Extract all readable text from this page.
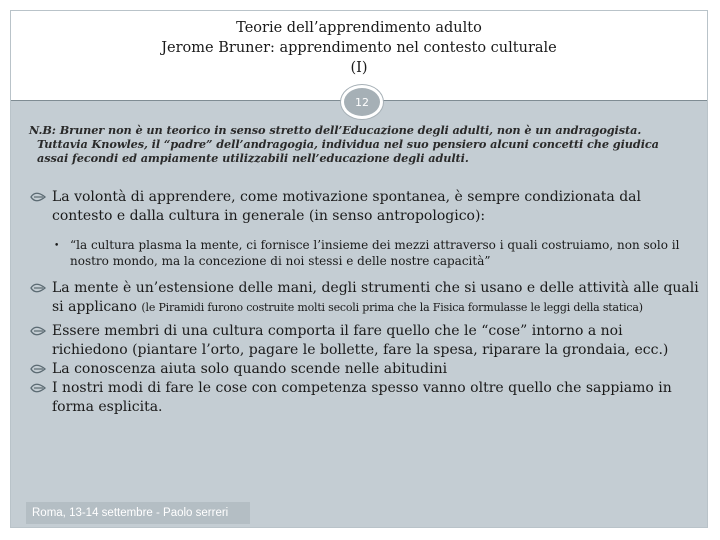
Teorie dell’apprendimento adulto
Jerome Bruner: apprendimento nel contesto culturale
(I)
12
N.B: Bruner non è un teorico in senso stretto dell’Educazione degli adulti, non è un andragogista.
Tuttavia Knowles, il “padre” dell’andragogia, individua nel suo pensiero alcuni concetti che giudica
assai fecondi ed ampiamente utilizzabili nell’educazione degli adulti.
La volontà di apprendere, come motivazione spontanea, è sempre condizionata dal
contesto e dalla cultura in generale (in senso antropologico):
• “la cultura plasma la mente, ci fornisce l’insieme dei mezzi attraverso i quali costruiamo, non solo il
nostro mondo, ma la concezione di noi stessi e delle nostre capacità”
La mente è un’estensione delle mani, degli strumenti che si usano e delle attività alle quali
si applicano (le Piramidi furono costruite molti secoli prima che la Fisica formulasse le leggi della statica)
Essere membri di una cultura comporta il fare quello che le “cose” intorno a noi
richiedono (piantare l’orto, pagare le bollette, fare la spesa, riparare la grondaia, ecc.)
La conoscenza aiuta solo quando scende nelle abitudini
I nostri modi di fare le cose con competenza spesso vanno oltre quello che sappiamo in
forma esplicita.
Roma, 13-14 settembre - Paolo serreri
